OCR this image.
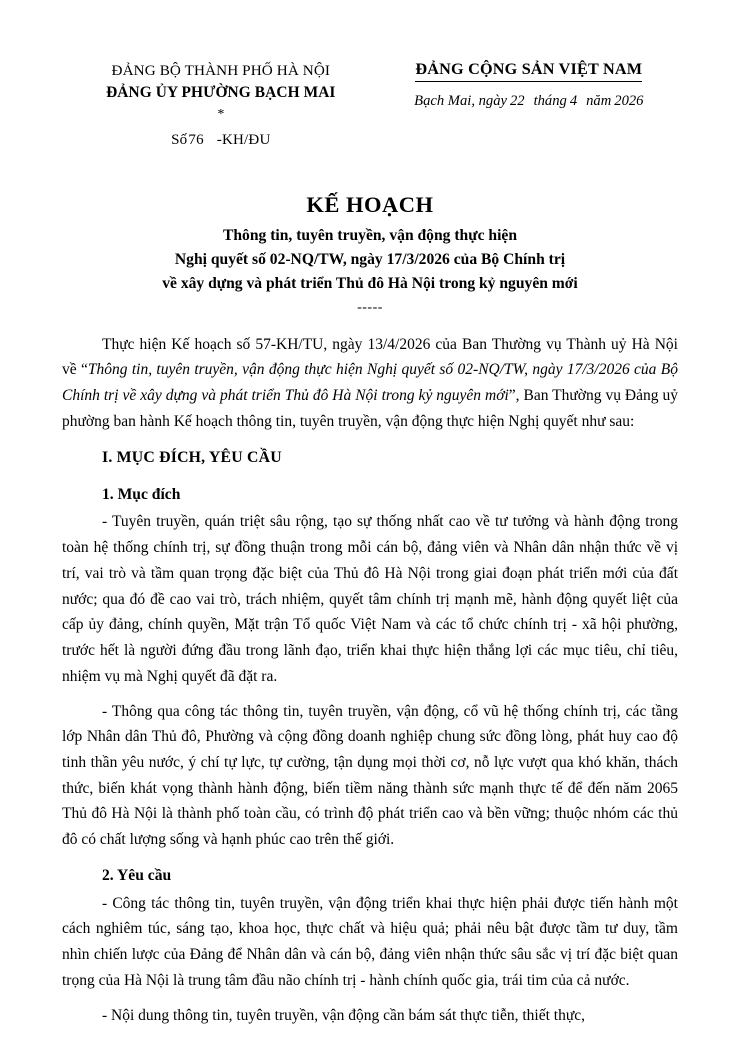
ĐẢNG BỘ THÀNH PHỐ HÀ NỘI
ĐẢNG ỦY PHƯỜNG BẠCH MAI
*
Số76 -KH/ĐU
ĐẢNG CỘNG SẢN VIỆT NAM
Bạch Mai, ngày 22 tháng 4 năm 2026
KẾ HOẠCH
Thông tin, tuyên truyền, vận động thực hiện
Nghị quyết số 02-NQ/TW, ngày 17/3/2026 của Bộ Chính trị
về xây dựng và phát triển Thủ đô Hà Nội trong kỷ nguyên mới
-----

Thực hiện Kế hoạch số 57-KH/TU, ngày 13/4/2026 của Ban Thường vụ Thành uỷ Hà Nội về “Thông tin, tuyên truyền, vận động thực hiện Nghị quyết số 02-NQ/TW, ngày 17/3/2026 của Bộ Chính trị về xây dựng và phát triển Thủ đô Hà Nội trong kỷ nguyên mới”, Ban Thường vụ Đảng uỷ phường ban hành Kế hoạch thông tin, tuyên truyền, vận động thực hiện Nghị quyết như sau:

I. MỤC ĐÍCH, YÊU CẦU
1. Mục đích

- Tuyên truyền, quán triệt sâu rộng, tạo sự thống nhất cao về tư tưởng và hành động trong toàn hệ thống chính trị, sự đồng thuận trong mỗi cán bộ, đảng viên và Nhân dân nhận thức về vị trí, vai trò và tầm quan trọng đặc biệt của Thủ đô Hà Nội trong giai đoạn phát triển mới của đất nước; qua đó đề cao vai trò, trách nhiệm, quyết tâm chính trị mạnh mẽ, hành động quyết liệt của cấp ủy đảng, chính quyền, Mặt trận Tổ quốc Việt Nam và các tổ chức chính trị - xã hội phường, trước hết là người đứng đầu trong lãnh đạo, triển khai thực hiện thắng lợi các mục tiêu, chỉ tiêu, nhiệm vụ mà Nghị quyết đã đặt ra.

- Thông qua công tác thông tin, tuyên truyền, vận động, cổ vũ hệ thống chính trị, các tầng lớp Nhân dân Thủ đô, Phường và cộng đồng doanh nghiệp chung sức đồng lòng, phát huy cao độ tinh thần yêu nước, ý chí tự lực, tự cường, tận dụng mọi thời cơ, nỗ lực vượt qua khó khăn, thách thức, biến khát vọng thành hành động, biến tiềm năng thành sức mạnh thực tế để đến năm 2065 Thủ đô Hà Nội là thành phố toàn cầu, có trình độ phát triển cao và bền vững; thuộc nhóm các thủ đô có chất lượng sống và hạnh phúc cao trên thế giới.

2. Yêu cầu

- Công tác thông tin, tuyên truyền, vận động triển khai thực hiện phải được tiến hành một cách nghiêm túc, sáng tạo, khoa học, thực chất và hiệu quả; phải nêu bật được tầm tư duy, tầm nhìn chiến lược của Đảng để Nhân dân và cán bộ, đảng viên nhận thức sâu sắc vị trí đặc biệt quan trọng của Hà Nội là trung tâm đầu não chính trị - hành chính quốc gia, trái tim của cả nước.

- Nội dung thông tin, tuyên truyền, vận động cần bám sát thực tiễn, thiết thực,
